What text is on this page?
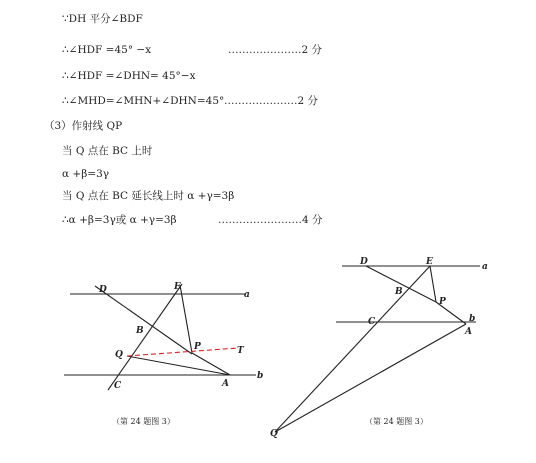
∵DH 平分∠BDF
∴∠HDF =45° −x	…………………2 分
∴∠HDF =∠DHN= 45°−x
∴∠MHD=∠MHN+∠DHN=45° …………………2 分
（3）作射线 QP
当 Q 点在 BC 上时
α +β=3γ
当 Q 点在 BC 延长线上时 α +γ=3β
∴α +β=3γ或 α +γ=3β	……………………4 分
D	E
a
B
P	T
Q
C	A
b
（第 24 题图 3）
D	E	a
B
P
C	b
A
Q
（第 24 题图 3）
